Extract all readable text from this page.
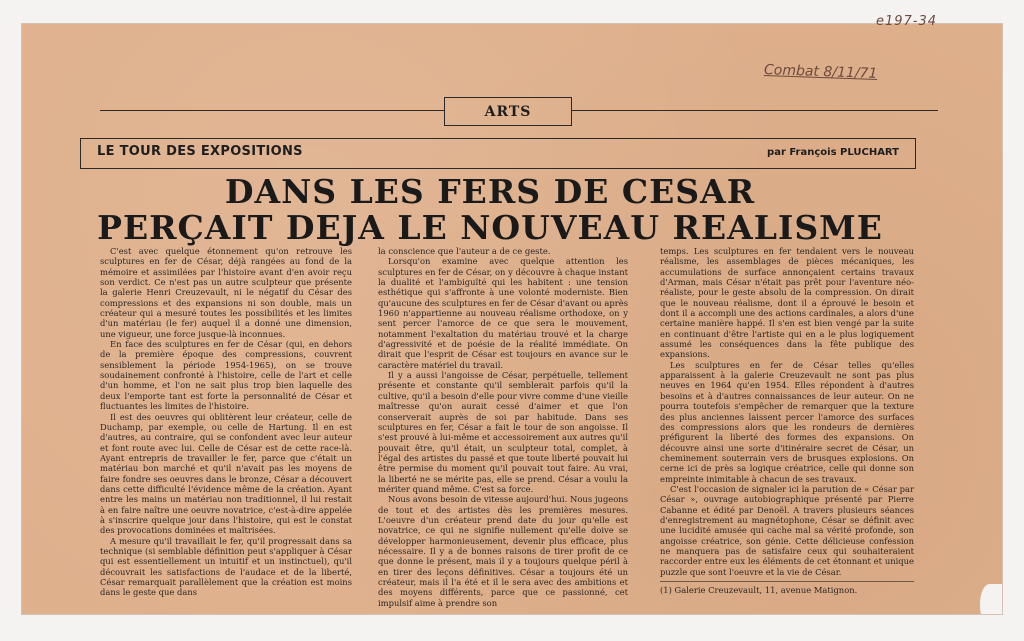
e197-34
Combat 8/11/71
ARTS
LE TOUR DES EXPOSITIONS	par François PLUCHART
DANS LES FERS DE CESAR
PERÇAIT DEJA LE NOUVEAU REALISME

C'est avec quelque étonnement qu'on retrouve les sculptures en fer de César, déjà rangées au fond de la mémoire et assimilées par l'histoire avant d'en avoir reçu son verdict. Ce n'est pas un autre sculpteur que présente la galerie Henri Creuzevault, ni le négatif du César des compressions et des expansions ni son double, mais un créateur qui a mesuré toutes les possibilités et les limites d'un matériau (le fer) auquel il a donné une dimension, une vigueur, une force jusque-là inconnues.

En face des sculptures en fer de César (qui, en dehors de la première époque des compressions, couvrent sensiblement la période 1954-1965), on se trouve soudainement confronté à l'histoire, celle de l'art et celle d'un homme, et l'on ne sait plus trop bien laquelle des deux l'emporte tant est forte la personnalité de César et fluctuantes les limites de l'histoire.

Il est des oeuvres qui oblitèrent leur créateur, celle de Duchamp, par exemple, ou celle de Hartung. Il en est d'autres, au contraire, qui se confondent avec leur auteur et font route avec lui. Celle de César est de cette race-là. Ayant entrepris de travailler le fer, parce que c'était un matériau bon marché et qu'il n'avait pas les moyens de faire fondre ses oeuvres dans le bronze, César a découvert dans cette difficulté l'évidence même de la création. Ayant entre les mains un matériau non traditionnel, il lui restait à en faire naître une oeuvre novatrice, c'est-à-dire appelée à s'inscrire quelque jour dans l'histoire, qui est le constat des provocations dominées et maîtrisées.

A mesure qu'il travaillait le fer, qu'il progressait dans sa technique (si semblable définition peut s'appliquer à César qui est essentiellement un intuitif et un instinctuel), qu'il découvrait les satisfactions de l'audace et de la liberté, César remarquait parallèlement que la création est moins dans le geste que dans

la conscience que l'auteur a de ce geste.

Lorsqu'on examine avec quelque attention les sculptures en fer de César, on y découvre à chaque instant la dualité et l'ambiguïté qui les habitent : une tension esthétique qui s'affronte à une volonté moderniste. Bien qu'aucune des sculptures en fer de César d'avant ou après 1960 n'appartienne au nouveau réalisme orthodoxe, on y sent percer l'amorce de ce que sera le mouvement, notamment l'exaltation du matériau trouvé et la charge d'agressivité et de poésie de la réalité immédiate. On dirait que l'esprit de César est toujours en avance sur le caractère matériel du travail.

Il y a aussi l'angoisse de César, perpétuelle, tellement présente et constante qu'il semblerait parfois qu'il la cultive, qu'il a besoin d'elle pour vivre comme d'une vieille maîtresse qu'on aurait cessé d'aimer et que l'on conserverait auprès de soi par habitude. Dans ses sculptures en fer, César a fait le tour de son angoisse. Il s'est prouvé à lui-même et accessoirement aux autres qu'il pouvait être, qu'il était, un sculpteur total, complet, à l'égal des artistes du passé et que toute liberté pouvait lui être permise du moment qu'il pouvait tout faire. Au vrai, la liberté ne se mérite pas, elle se prend. César a voulu la mériter quand même. C'est sa force.

Nous avons besoin de vitesse aujourd'hui. Nous jugeons de tout et des artistes dès les premières mesures. L'oeuvre d'un créateur prend date du jour qu'elle est novatrice, ce qui ne signifie nullement qu'elle doive se développer harmonieusement, devenir plus efficace, plus nécessaire. Il y a de bonnes raisons de tirer profit de ce que donne le présent, mais il y a toujours quelque péril à en tirer des leçons définitives. César a toujours été un créateur, mais il l'a été et il le sera avec des ambitions et des moyens différents, parce que ce passionné, cet impulsif aime à prendre son

temps. Les sculptures en fer tendaient vers le nouveau réalisme, les assemblages de pièces mécaniques, les accumulations de surface annonçaient certains travaux d'Arman, mais César n'était pas prêt pour l'aventure néo-réaliste, pour le geste absolu de la compression. On dirait que le nouveau réalisme, dont il a éprouvé le besoin et dont il a accompli une des actions cardinales, a alors d'une certaine manière happé. Il s'en est bien vengé par la suite en continuant d'être l'artiste qui en a le plus logiquement assumé les conséquences dans la fête publique des expansions.

Les sculptures en fer de César telles qu'elles apparaissent à la galerie Creuzevault ne sont pas plus neuves en 1964 qu'en 1954. Elles répondent à d'autres besoins et à d'autres connaissances de leur auteur. On ne pourra toutefois s'empêcher de remarquer que la texture des plus anciennes laissent percer l'amorce des surfaces des compressions alors que les rondeurs de dernières préfigurent la liberté des formes des expansions. On découvre ainsi une sorte d'itinéraire secret de César, un cheminement souterrain vers de brusques explosions. On cerne ici de près sa logique créatrice, celle qui donne son empreinte inimitable à chacun de ses travaux.

C'est l'occasion de signaler ici la parution de « César par César », ouvrage autobiographique présenté par Pierre Cabanne et édité par Denoël. A travers plusieurs séances d'enregistrement au magnétophone, César se définit avec une lucidité amusée qui cache mal sa vérité profonde, son angoisse créatrice, son génie. Cette délicieuse confession ne manquera pas de satisfaire ceux qui souhaiteraient raccorder entre eux les éléments de cet étonnant et unique puzzle que sont l'oeuvre et la vie de César.

(1) Galerie Creuzevault, 11, avenue Matignon.
